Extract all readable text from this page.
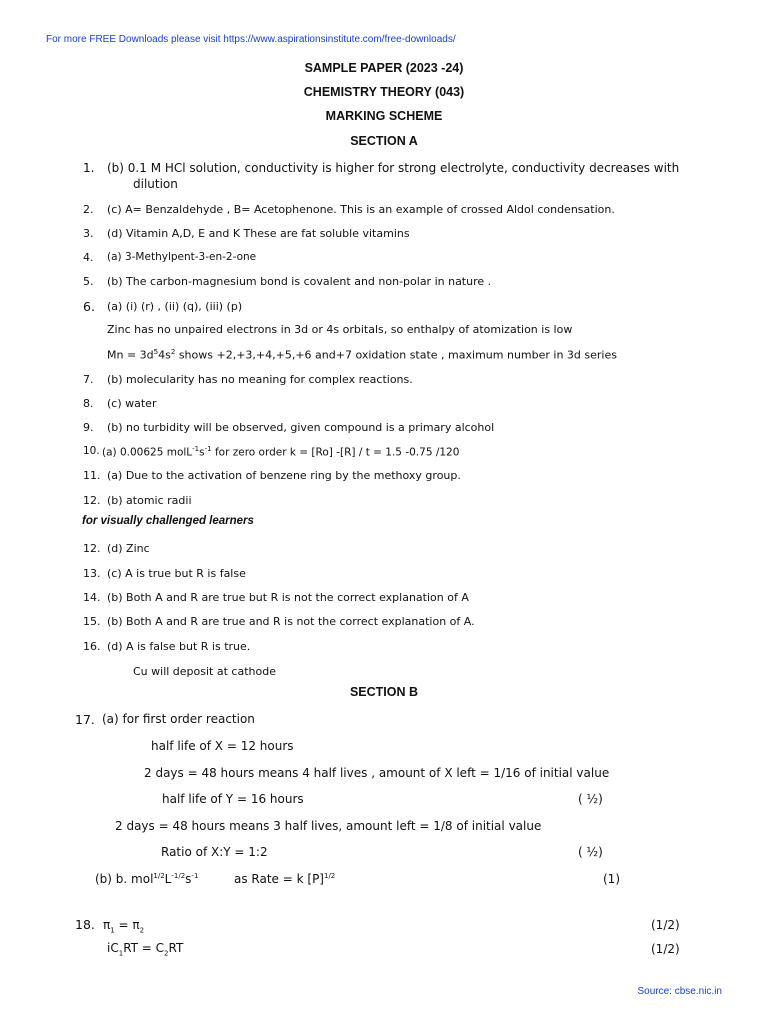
For more FREE Downloads please visit https://www.aspirationsinstitute.com/free-downloads/
SAMPLE PAPER (2023 -24)
CHEMISTRY THEORY (043)
MARKING SCHEME
SECTION A
1. (b) 0.1 M HCl solution, conductivity is higher for strong electrolyte, conductivity decreases with
dilution
2. (c) A= Benzaldehyde , B= Acetophenone. This is an example of crossed Aldol condensation.
3. (d) Vitamin A,D, E and K These are fat soluble vitamins
4. (a) 3-Methylpent-3-en-2-one
5. (b) The carbon-magnesium bond is covalent and non-polar in nature .
6. (a) (i) (r) , (ii) (q), (iii) (p)
Zinc has no unpaired electrons in 3d or 4s orbitals, so enthalpy of atomization is low
$Mn = 3d^54s^2$ shows +2,+3,+4,+5,+6 and+7 oxidation state , maximum number in 3d series
7. (b) molecularity has no meaning for complex reactions.
8. (c) water
9. (b) no turbidity will be observed, given compound is a primary alcohol
10. (a) 0.00625 $molL^{-1}s^{-1}$ for zero order k = [Ro] -[R] / t = 1.5 -0.75 /120
11. (a) Due to the activation of benzene ring by the methoxy group.
12. (b) atomic radii
for visually challenged learners
12. (d) Zinc
13. (c) A is true but R is false
14. (b) Both A and R are true but R is not the correct explanation of A
15. (b) Both A and R are true and R is not the correct explanation of A.
16. (d) A is false but R is true.
Cu will deposit at cathode
SECTION B
17. (a) for first order reaction
half life of X = 12 hours
2 days = 48 hours means 4 half lives , amount of X left = 1/16 of initial value
half life of Y = 16 hours	( ½)
2 days = 48 hours means 3 half lives, amount left = 1/8 of initial value
Ratio of X:Y = 1:2	( ½)
(b) b. $mol^{1/2}L^{-1/2}s^{-1}$	as Rate = k $[P]^{1/2}$	(1)
18. $\pi_1 = \pi_2$	(1/2)
$iC_1RT = C_2RT$	(1/2)
Source: cbse.nic.in
